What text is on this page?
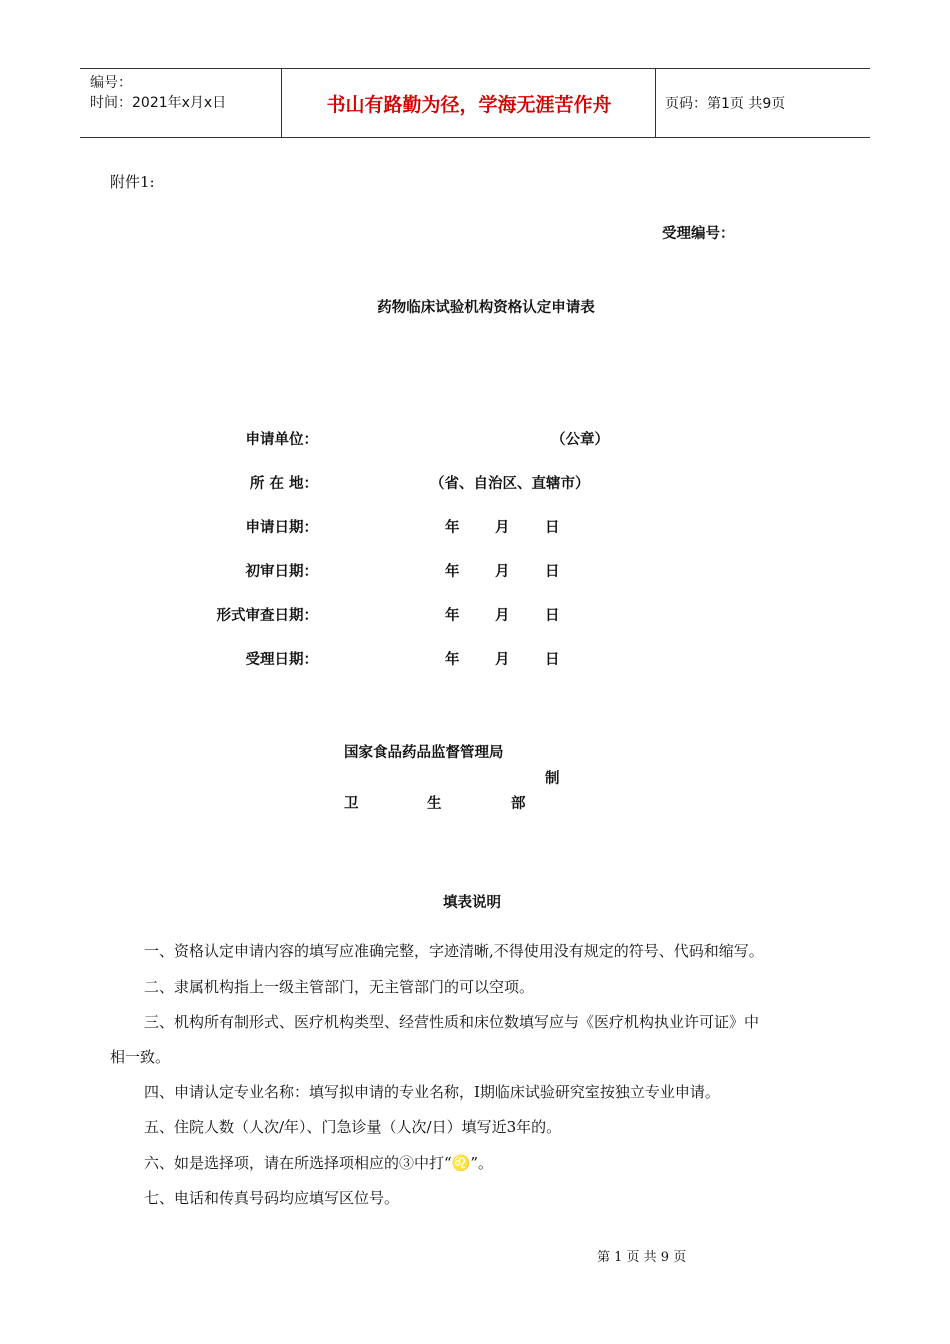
编号：
时间：2021年x月x日	书山有路勤为径，学海无涯苦作舟	页码：第1页 共9页
附件1:
受理编号：
药物临床试验机构资格认定申请表
申请单位：	（公章）
所 在 地：	（省、自治区、直辖市）
申请日期：	年 月 日
初审日期：	年 月 日
形式审查日期：	年 月 日
受理日期：	年 月 日
国家食品药品监督管理局
制
卫	生	部
填表说明
一、资格认定申请内容的填写应准确完整，字迹清晰,不得使用没有规定的符号、代码和缩写。
二、隶属机构指上一级主管部门，无主管部门的可以空项。
三、机构所有制形式、医疗机构类型、经营性质和床位数填写应与《医疗机构执业许可证》中
相一致。
四、申请认定专业名称：填写拟申请的专业名称，I期临床试验研究室按独立专业申请。
五、住院人数（人次/年）、门急诊量（人次/日）填写近3年的。
六、如是选择项，请在所选择项相应的③中打“♌”。
七、电话和传真号码均应填写区位号。
第 1 页 共 9 页
